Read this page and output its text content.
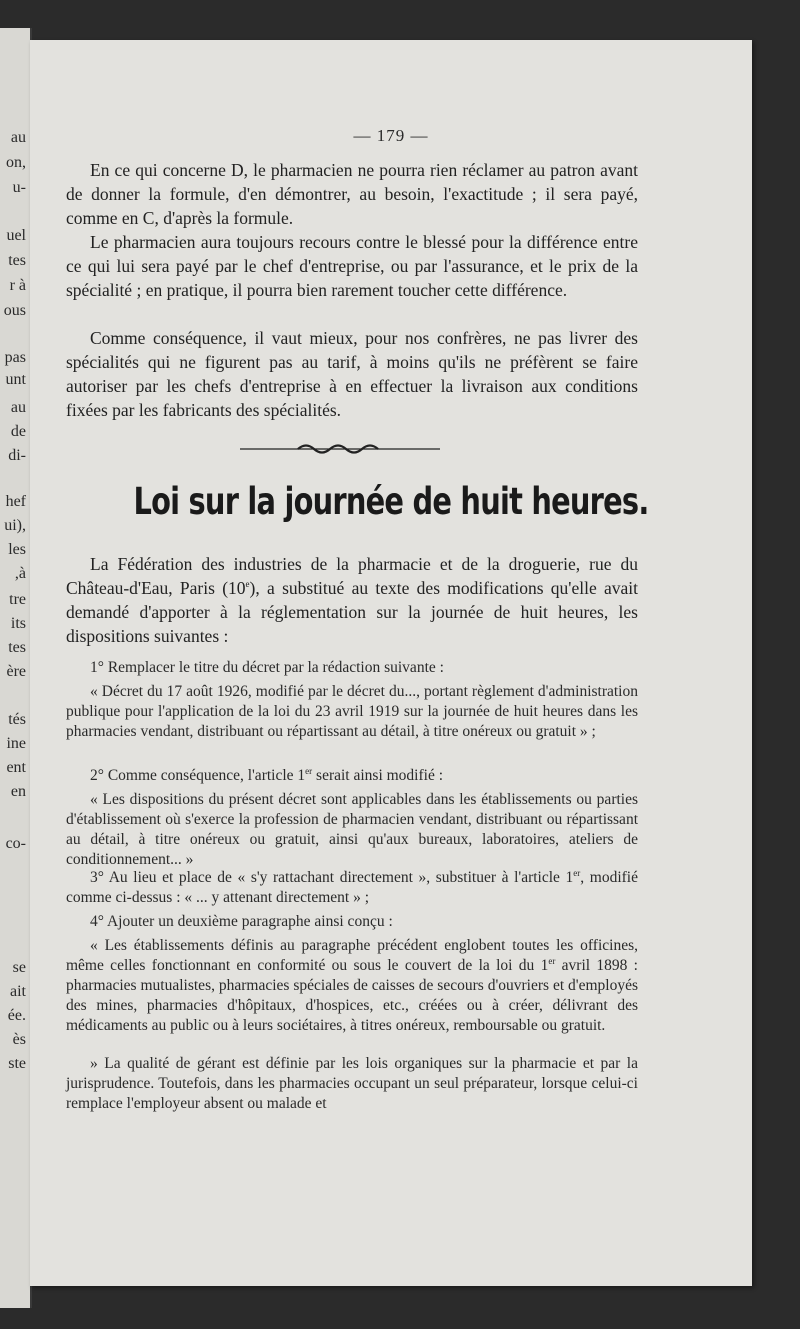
au
on,
u-
uel
tes
r à
ous
pas
unt
au
de
di-
hef
ui),
les
,à
tre
its
tes
ère
tés
ine
ent
en
co-
se
ait
ée.
ès
ste
— 179 —

En ce qui concerne D, le pharmacien ne pourra rien réclamer au patron avant de donner la formule, d'en démontrer, au besoin, l'exactitude ; il sera payé, comme en C, d'après la formule.

Le pharmacien aura toujours recours contre le blessé pour la différence entre ce qui lui sera payé par le chef d'entreprise, ou par l'assurance, et le prix de la spécialité ; en pratique, il pourra bien rarement toucher cette différence.

Comme conséquence, il vaut mieux, pour nos confrères, ne pas livrer des spécialités qui ne figurent pas au tarif, à moins qu'ils ne préfèrent se faire autoriser par les chefs d'entreprise à en effectuer la livraison aux conditions fixées par les fabricants des spécialités.

Loi sur la journée de huit heures.

La Fédération des industries de la pharmacie et de la droguerie, rue du Château-d'Eau, Paris (10e), a substitué au texte des modifications qu'elle avait demandé d'apporter à la réglementation sur la journée de huit heures, les dispositions suivantes :

1° Remplacer le titre du décret par la rédaction suivante :

« Décret du 17 août 1926, modifié par le décret du..., portant règlement d'administration publique pour l'application de la loi du 23 avril 1919 sur la journée de huit heures dans les pharmacies vendant, distribuant ou répartissant au détail, à titre onéreux ou gratuit » ;

2° Comme conséquence, l'article 1er serait ainsi modifié :

« Les dispositions du présent décret sont applicables dans les établissements ou parties d'établissement où s'exerce la profession de pharmacien vendant, distribuant ou répartissant au détail, à titre onéreux ou gratuit, ainsi qu'aux bureaux, laboratoires, ateliers de conditionnement... »

3° Au lieu et place de « s'y rattachant directement », substituer à l'article 1er, modifié comme ci-dessus : « ... y attenant directement » ;

4° Ajouter un deuxième paragraphe ainsi conçu :

« Les établissements définis au paragraphe précédent englobent toutes les officines, même celles fonctionnant en conformité ou sous le couvert de la loi du 1er avril 1898 : pharmacies mutualistes, pharmacies spéciales de caisses de secours d'ouvriers et d'employés des mines, pharmacies d'hôpitaux, d'hospices, etc., créées ou à créer, délivrant des médicaments au public ou à leurs sociétaires, à titres onéreux, remboursable ou gratuit.

» La qualité de gérant est définie par les lois organiques sur la pharmacie et par la jurisprudence. Toutefois, dans les pharmacies occupant un seul préparateur, lorsque celui-ci remplace l'employeur absent ou malade et
